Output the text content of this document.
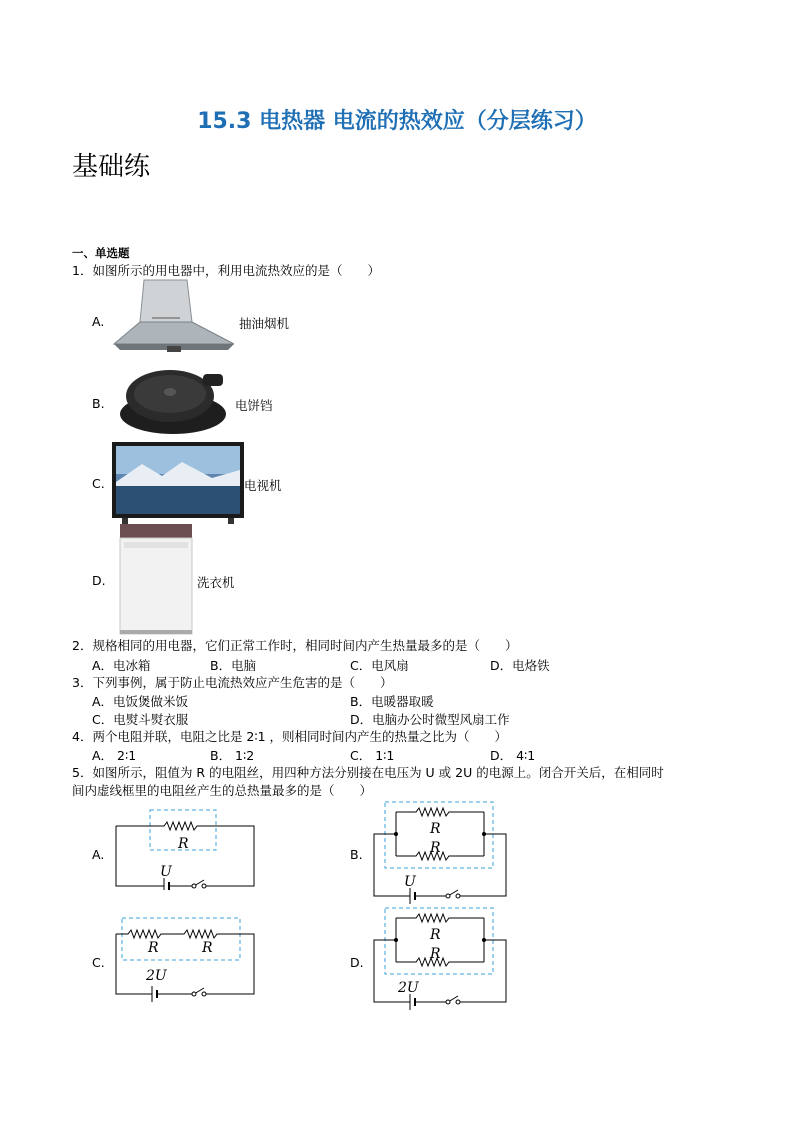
15.3 电热器 电流的热效应（分层练习）
基础练
一、单选题
1．如图所示的用电器中，利用电流热效应的是（　　）
A.	抽油烟机
B.	电饼铛
C.	电视机
D.	洗衣机
2．规格相同的用电器，它们正常工作时，相同时间内产生热量最多的是（　　）
A．电冰箱	B．电脑	C．电风扇	D．电烙铁
3．下列事例，属于防止电流热效应产生危害的是（　　）
A．电饭煲做米饭	B．电暖器取暖
C．电熨斗熨衣服	D．电脑办公时微型风扇工作
4．两个电阻并联，电阻之比是 2∶1 ，则相同时间内产生的热量之比为（　　）
A． 2∶1	B． 1∶2	C． 1∶1	D． 4∶1
5．如图所示，阻值为 R 的电阻丝，用四种方法分别接在电压为 U 或 2U 的电源上。闭合开关后，在相同时
间内虚线框里的电阻丝产生的总热量最多的是（　　）
A.
R
U
B.
R
R
U
C.
R	R
2U
D.
R
R
2U
